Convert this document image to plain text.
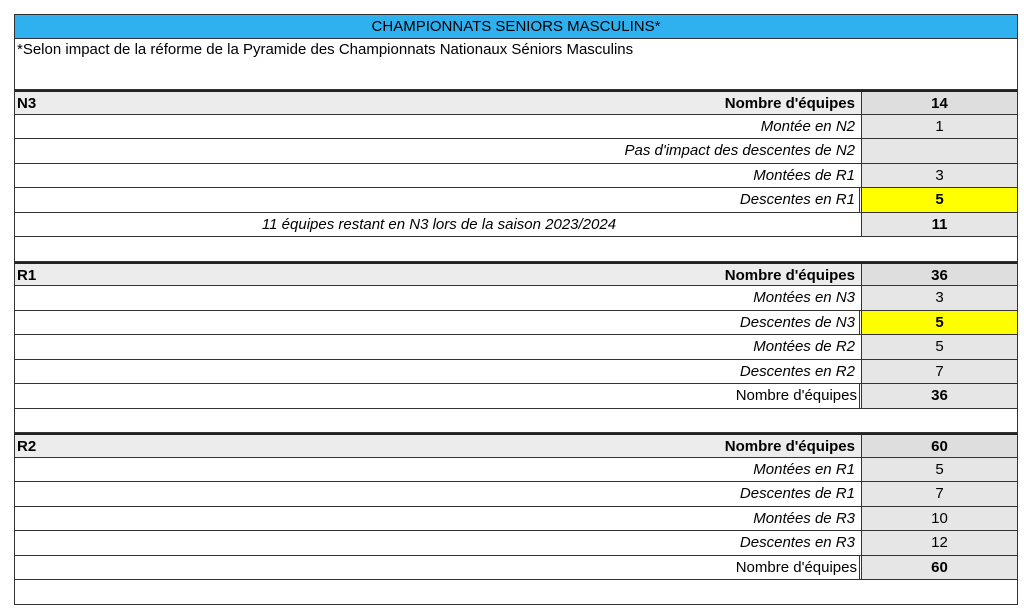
CHAMPIONNATS SENIORS MASCULINS*
*Selon impact de la réforme de la Pyramide des Championnats Nationaux Séniors Masculins
N3	Nombre d'équipes	14
Montée en N2	1
Pas d'impact des descentes de N2
Montées de R1	3
Descentes en R1	5
11 équipes restant en N3 lors de la saison 2023/2024	11
R1	Nombre d'équipes	36
Montées en N3	3
Descentes de N3	5
Montées de R2	5
Descentes en R2	7
Nombre d'équipes	36
R2	Nombre d'équipes	60
Montées en R1	5
Descentes de R1	7
Montées de R3	10
Descentes en R3	12
Nombre d'équipes	60
